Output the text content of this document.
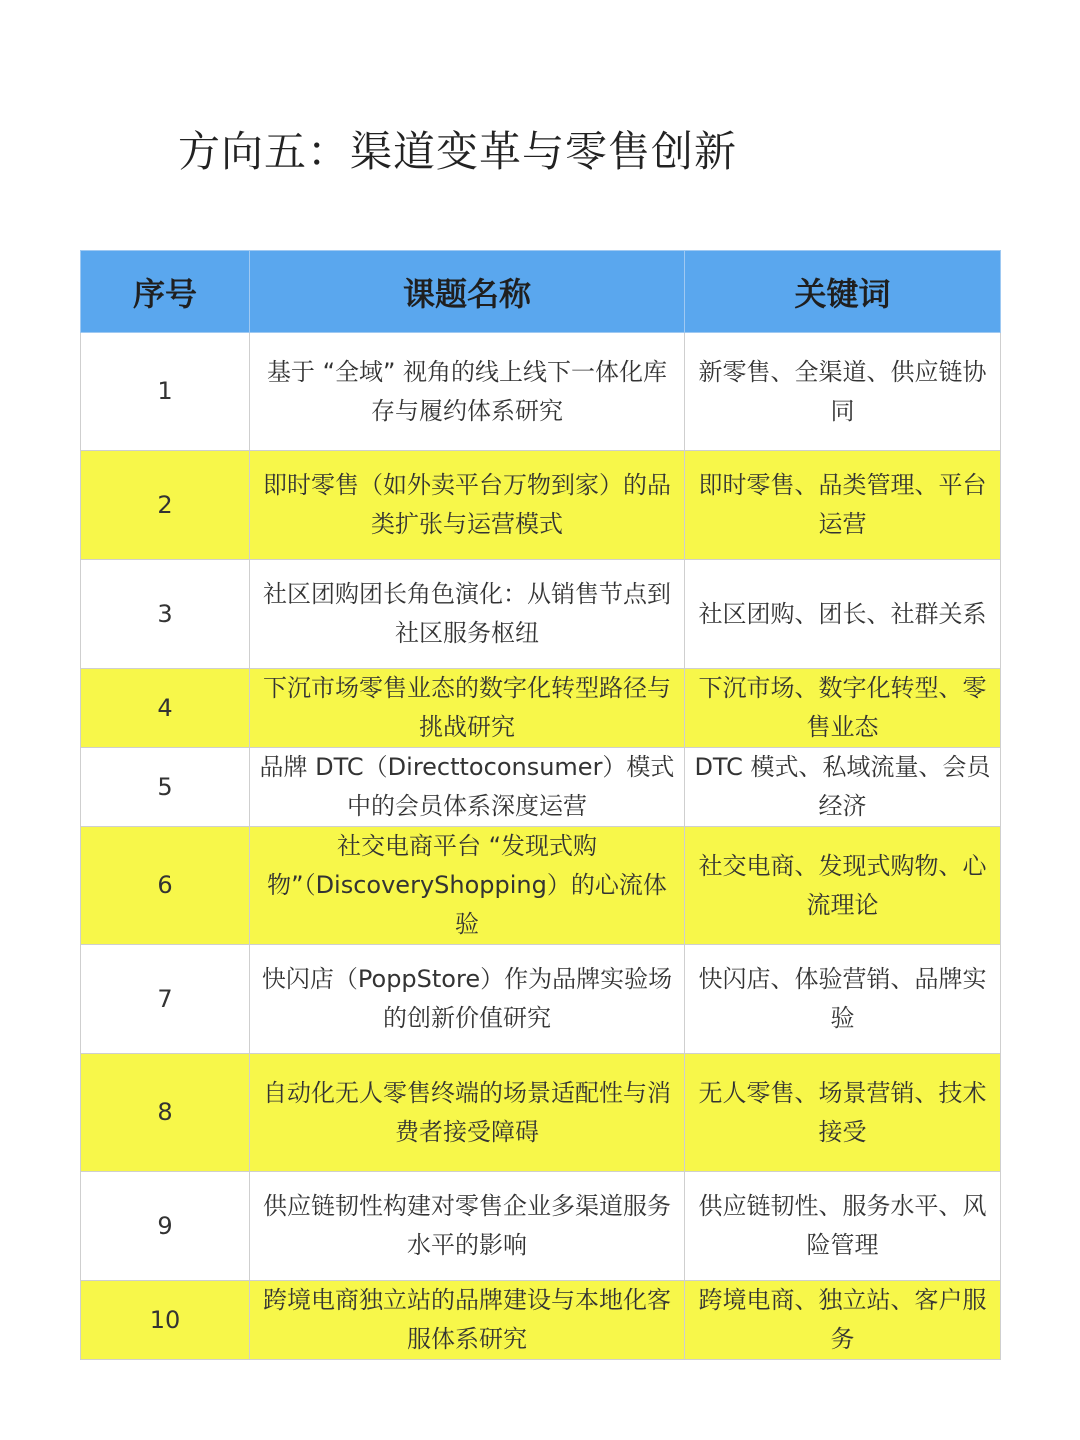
方向五：渠道变革与零售创新
序号	课题名称	关键词
1	基于 “全域” 视角的线上线下一体化库存与履约体系研究	新零售、全渠道、供应链协同
2	即时零售（如外卖平台万物到家）的品类扩张与运营模式	即时零售、品类管理、平台运营
3	社区团购团长角色演化：从销售节点到社区服务枢纽	社区团购、团长、社群关系
4	下沉市场零售业态的数字化转型路径与挑战研究	下沉市场、数字化转型、零售业态
5	品牌 DTC（Directtoconsumer）模式中的会员体系深度运营	DTC 模式、私域流量、会员经济
6	社交电商平台 “发现式购物”（DiscoveryShopping）的心流体验	社交电商、发现式购物、心流理论
7	快闪店（PoppStore）作为品牌实验场的创新价值研究	快闪店、体验营销、品牌实验
8	自动化无人零售终端的场景适配性与消费者接受障碍	无人零售、场景营销、技术接受
9	供应链韧性构建对零售企业多渠道服务水平的影响	供应链韧性、服务水平、风险管理
10	跨境电商独立站的品牌建设与本地化客服体系研究	跨境电商、独立站、客户服务
